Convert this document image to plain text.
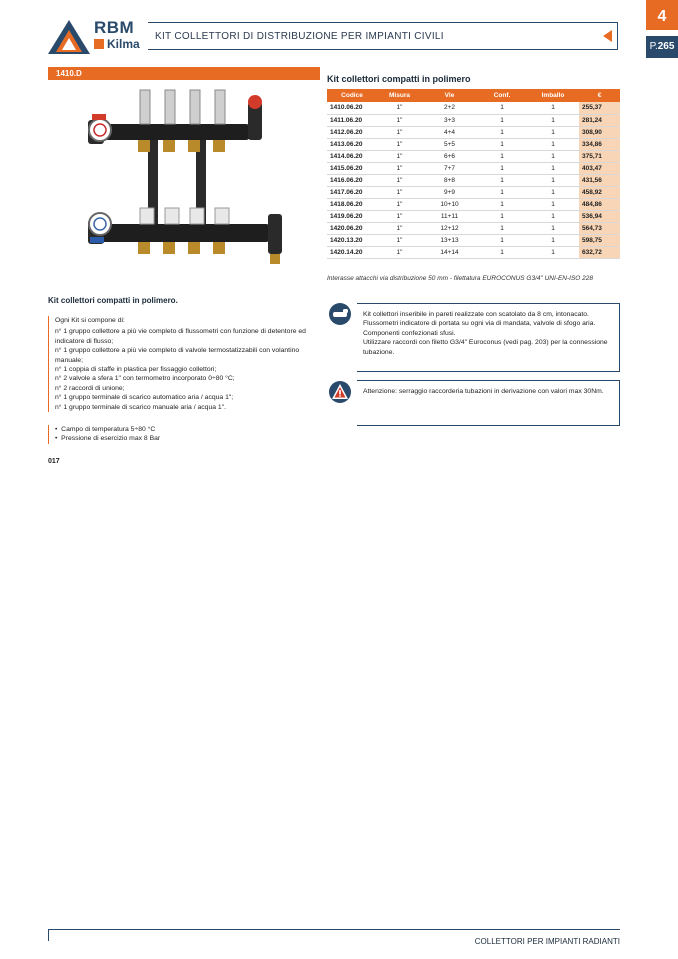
RBM
Kilma
KIT COLLETTORI DI DISTRIBUZIONE PER IMPIANTI CIVILI
4
P.265
1410.D
Kit collettori compatti in polimero
Codice	Misura	Vie	Conf.	Imballo	€
1410.06.20	1"	2+2	1	1	255,37
1411.06.20	1"	3+3	1	1	281,24
1412.06.20	1"	4+4	1	1	308,90
1413.06.20	1"	5+5	1	1	334,86
1414.06.20	1"	6+6	1	1	375,71
1415.06.20	1"	7+7	1	1	403,47
1416.06.20	1"	8+8	1	1	431,56
1417.06.20	1"	9+9	1	1	458,92
1418.06.20	1"	10+10	1	1	484,86
1419.06.20	1"	11+11	1	1	536,94
1420.06.20	1"	12+12	1	1	564,73
1420.13.20	1"	13+13	1	1	598,75
1420.14.20	1"	14+14	1	1	632,72
Interasse attacchi via distribuzione 50 mm - filettatura EUROCONUS G3/4" UNI-EN-ISO 228
Kit collettori compatti in polimero.

Ogni Kit si compone di:

n° 1 gruppo collettore a più vie completo di flussometri con funzione di detentore ed indicatore di flusso;

n° 1 gruppo collettore a più vie completo di valvole termostatizzabili con volantino manuale;

n° 1 coppia di staffe in plastica per fissaggio collettori;

n° 2 valvole a sfera 1" con termometro incorporato 0÷80 °C;

n° 2 raccordi di unione;

n° 1 gruppo terminale di scarico automatico aria / acqua 1";

n° 1 gruppo terminale di scarico manuale aria / acqua 1".

•  Campo di temperatura 5÷80 °C

•  Pressione di esercizio max 8 Bar

017

Kit collettori inseribile in pareti realizzate con scatolato da 8 cm, intonacato.

Flussometri indicatore di portata su ogni via di mandata, valvole di sfogo aria. Componenti confezionati sfusi.

Utilizzare raccordi con filetto G3/4" Euroconus (vedi pag. 203) per la connessione tubazione.

Attenzione: serraggio raccorderia tubazioni in derivazione con valori max 30Nm.

COLLETTORI PER IMPIANTI RADIANTI
